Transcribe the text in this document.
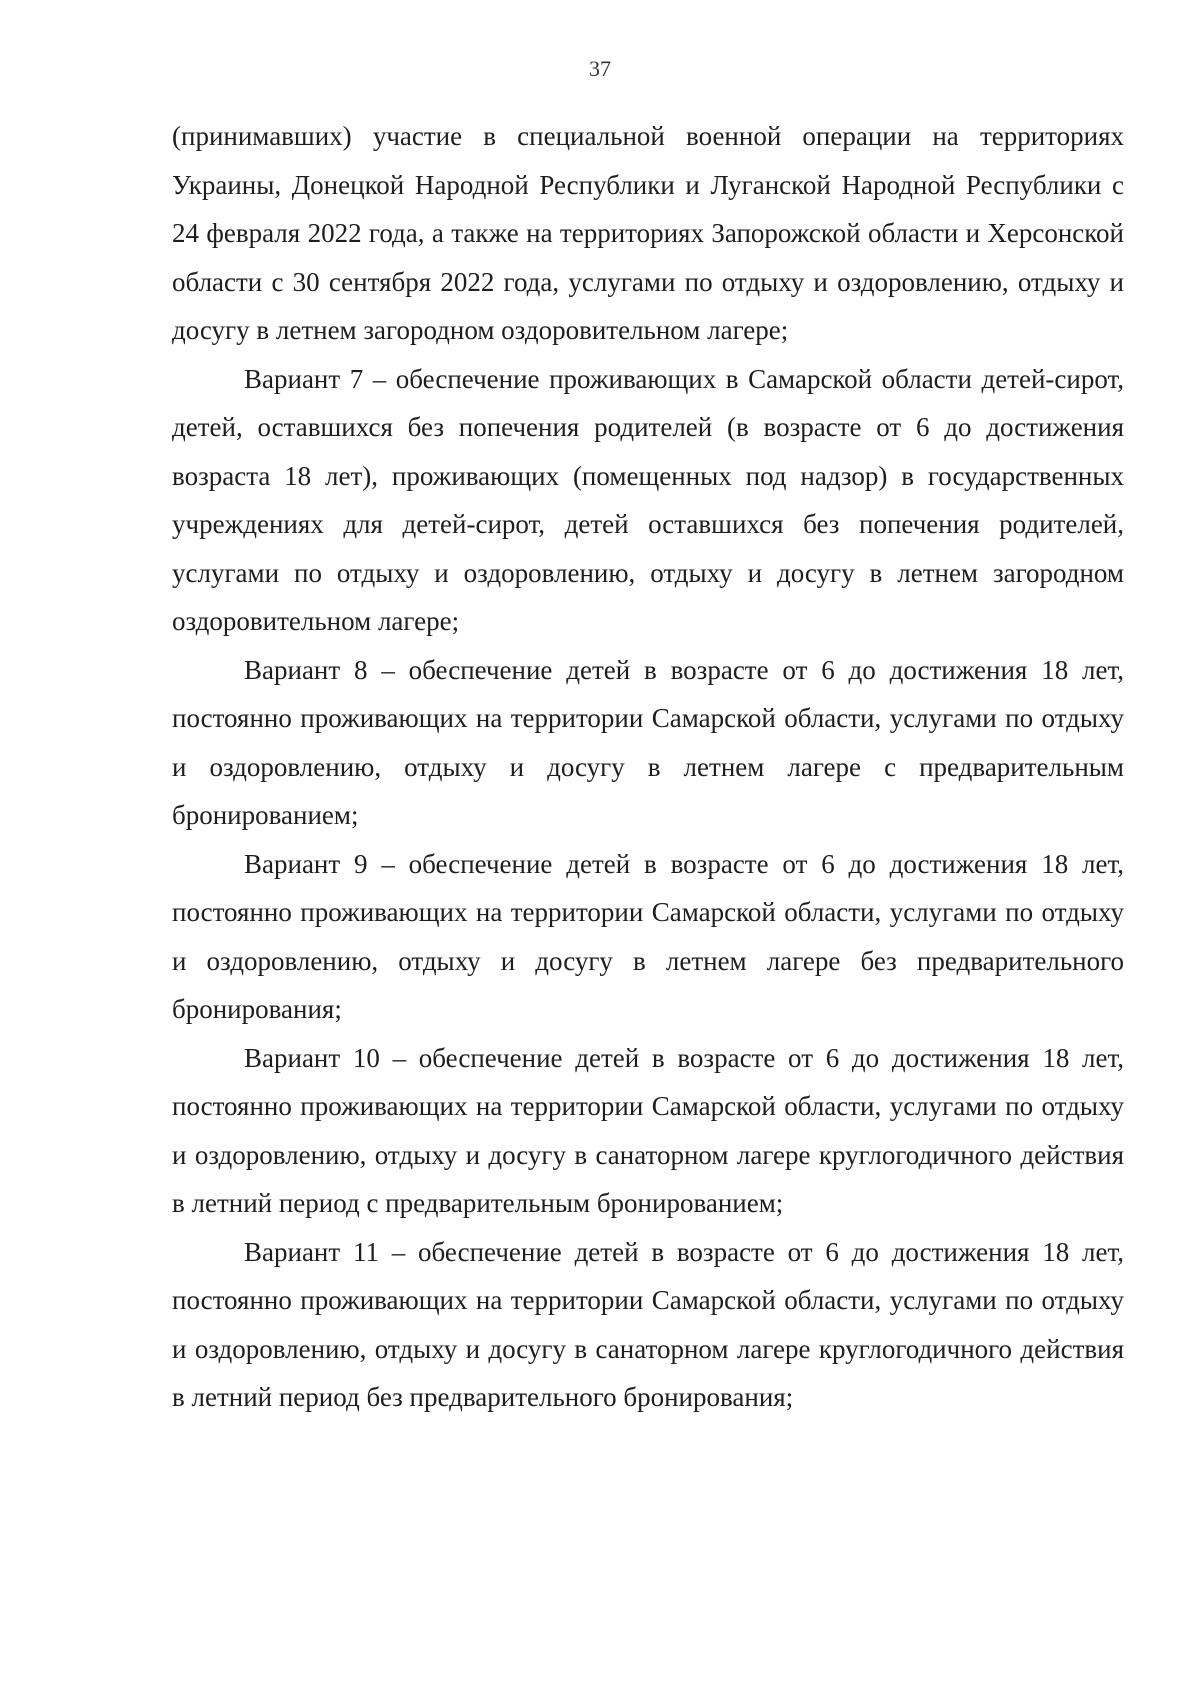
37

(принимавших) участие в специальной военной операции на территориях Украины, Донецкой Народной Республики и Луганской Народной Республики с 24 февраля 2022 года, а также на территориях Запорожской области и Херсонской области с 30 сентября 2022 года, услугами по отдыху и оздоровлению, отдыху и досугу в летнем загородном оздоровительном лагере;

Вариант 7 – обеспечение проживающих в Самарской области детей-сирот, детей, оставшихся без попечения родителей (в возрасте от 6 до достижения возраста 18 лет), проживающих (помещенных под надзор) в государственных учреждениях для детей-сирот, детей оставшихся без попечения родителей, услугами по отдыху и оздоровлению, отдыху и досугу в летнем загородном оздоровительном лагере;

Вариант 8 – обеспечение детей в возрасте от 6 до достижения 18 лет, постоянно проживающих на территории Самарской области, услугами по отдыху и оздоровлению, отдыху и досугу в летнем лагере с предварительным бронированием;

Вариант 9 – обеспечение детей в возрасте от 6 до достижения 18 лет, постоянно проживающих на территории Самарской области, услугами по отдыху и оздоровлению, отдыху и досугу в летнем лагере без предварительного бронирования;

Вариант 10 – обеспечение детей в возрасте от 6 до достижения 18 лет, постоянно проживающих на территории Самарской области, услугами по отдыху и оздоровлению, отдыху и досугу в санаторном лагере круглогодичного действия в летний период с предварительным бронированием;

Вариант 11 – обеспечение детей в возрасте от 6 до достижения 18 лет, постоянно проживающих на территории Самарской области, услугами по отдыху и оздоровлению, отдыху и досугу в санаторном лагере круглогодичного действия в летний период без предварительного бронирования;
